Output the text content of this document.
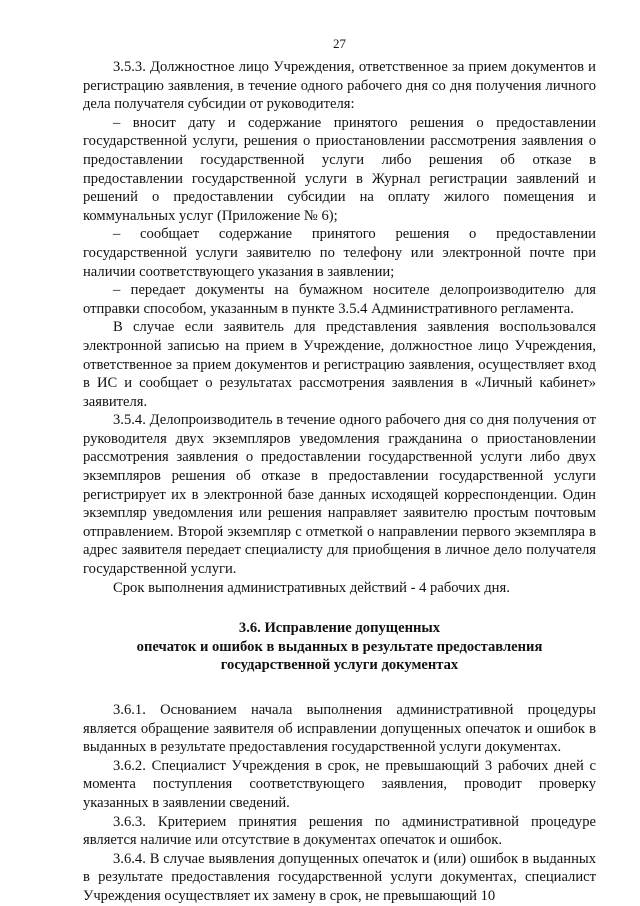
27

3.5.3. Должностное лицо Учреждения, ответственное за прием документов и регистрацию заявления, в течение одного рабочего дня со дня получения личного дела получателя субсидии от руководителя:

– вносит дату и содержание принятого решения о предоставлении государственной услуги, решения о приостановлении рассмотрения заявления о предоставлении государственной услуги либо решения об отказе в предоставлении государственной услуги в Журнал регистрации заявлений и решений о предоставлении субсидии на оплату жилого помещения и коммунальных услуг (Приложение № 6);

– сообщает содержание принятого решения о предоставлении государственной услуги заявителю по телефону или электронной почте при наличии соответствующего указания в заявлении;

– передает документы на бумажном носителе делопроизводителю для отправки способом, указанным в пункте 3.5.4 Административного регламента.

В случае если заявитель для представления заявления воспользовался электронной записью на прием в Учреждение, должностное лицо Учреждения, ответственное за прием документов и регистрацию заявления, осуществляет вход в ИС и сообщает о результатах рассмотрения заявления в «Личный кабинет» заявителя.

3.5.4. Делопроизводитель в течение одного рабочего дня со дня получения от руководителя двух экземпляров уведомления гражданина о приостановлении рассмотрения заявления о предоставлении государственной услуги либо двух экземпляров решения об отказе в предоставлении государственной услуги регистрирует их в электронной базе данных исходящей корреспонденции. Один экземпляр уведомления или решения направляет заявителю простым почтовым отправлением. Второй экземпляр с отметкой о направлении первого экземпляра в адрес заявителя передает специалисту для приобщения в личное дело получателя государственной услуги.

Срок выполнения административных действий - 4 рабочих дня.

3.6. Исправление допущенных
опечаток и ошибок в выданных в результате предоставления
государственной услуги документах

3.6.1. Основанием начала выполнения административной процедуры является обращение заявителя об исправлении допущенных опечаток и ошибок в выданных в результате предоставления государственной услуги документах.

3.6.2. Специалист Учреждения в срок, не превышающий 3 рабочих дней с момента поступления соответствующего заявления, проводит проверку указанных в заявлении сведений.

3.6.3. Критерием принятия решения по административной процедуре является наличие или отсутствие в документах опечаток и ошибок.

3.6.4. В случае выявления допущенных опечаток и (или) ошибок в выданных в результате предоставления государственной услуги документах, специалист Учреждения осуществляет их замену в срок, не превышающий 10
